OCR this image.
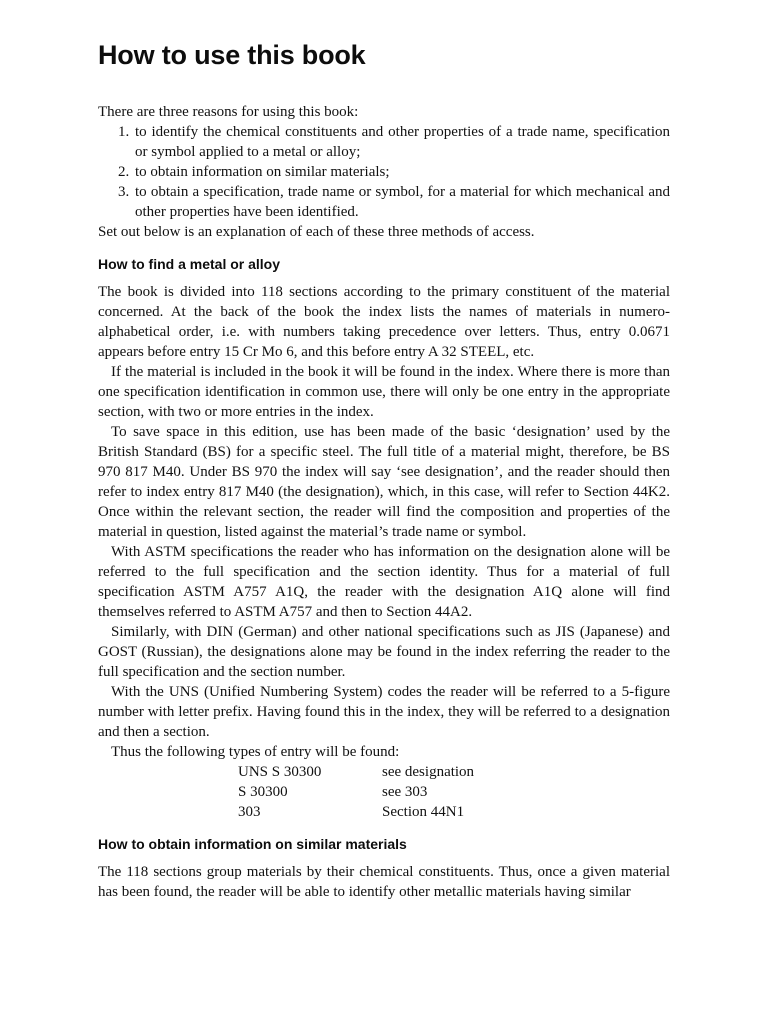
How to use this book

There are three reasons for using this book:

1. to identify the chemical constituents and other properties of a trade name, specification or symbol applied to a metal or alloy;
2. to obtain information on similar materials;
3. to obtain a specification, trade name or symbol, for a material for which mechanical and other properties have been identified.

Set out below is an explanation of each of these three methods of access.

How to find a metal or alloy

The book is divided into 118 sections according to the primary constituent of the material concerned. At the back of the book the index lists the names of materials in numero-alphabetical order, i.e. with numbers taking precedence over letters. Thus, entry 0.0671 appears before entry 15 Cr Mo 6, and this before entry A 32 STEEL, etc.

If the material is included in the book it will be found in the index. Where there is more than one specification identification in common use, there will only be one entry in the appropriate section, with two or more entries in the index.

To save space in this edition, use has been made of the basic ‘designation’ used by the British Standard (BS) for a specific steel. The full title of a material might, therefore, be BS 970 817 M40. Under BS 970 the index will say ‘see designation’, and the reader should then refer to index entry 817 M40 (the designation), which, in this case, will refer to Section 44K2. Once within the relevant section, the reader will find the composition and properties of the material in question, listed against the material’s trade name or symbol.

With ASTM specifications the reader who has information on the designation alone will be referred to the full specification and the section identity. Thus for a material of full specification ASTM A757 A1Q, the reader with the designation A1Q alone will find themselves referred to ASTM A757 and then to Section 44A2.

Similarly, with DIN (German) and other national specifications such as JIS (Japanese) and GOST (Russian), the designations alone may be found in the index referring the reader to the full specification and the section number.

With the UNS (Unified Numbering System) codes the reader will be referred to a 5-figure number with letter prefix. Having found this in the index, they will be referred to a designation and then a section.

Thus the following types of entry will be found:

UNS S 30300	see designation
S 30300	see 303
303	Section 44N1
How to obtain information on similar materials

The 118 sections group materials by their chemical constituents. Thus, once a given material has been found, the reader will be able to identify other metallic materials having similar
